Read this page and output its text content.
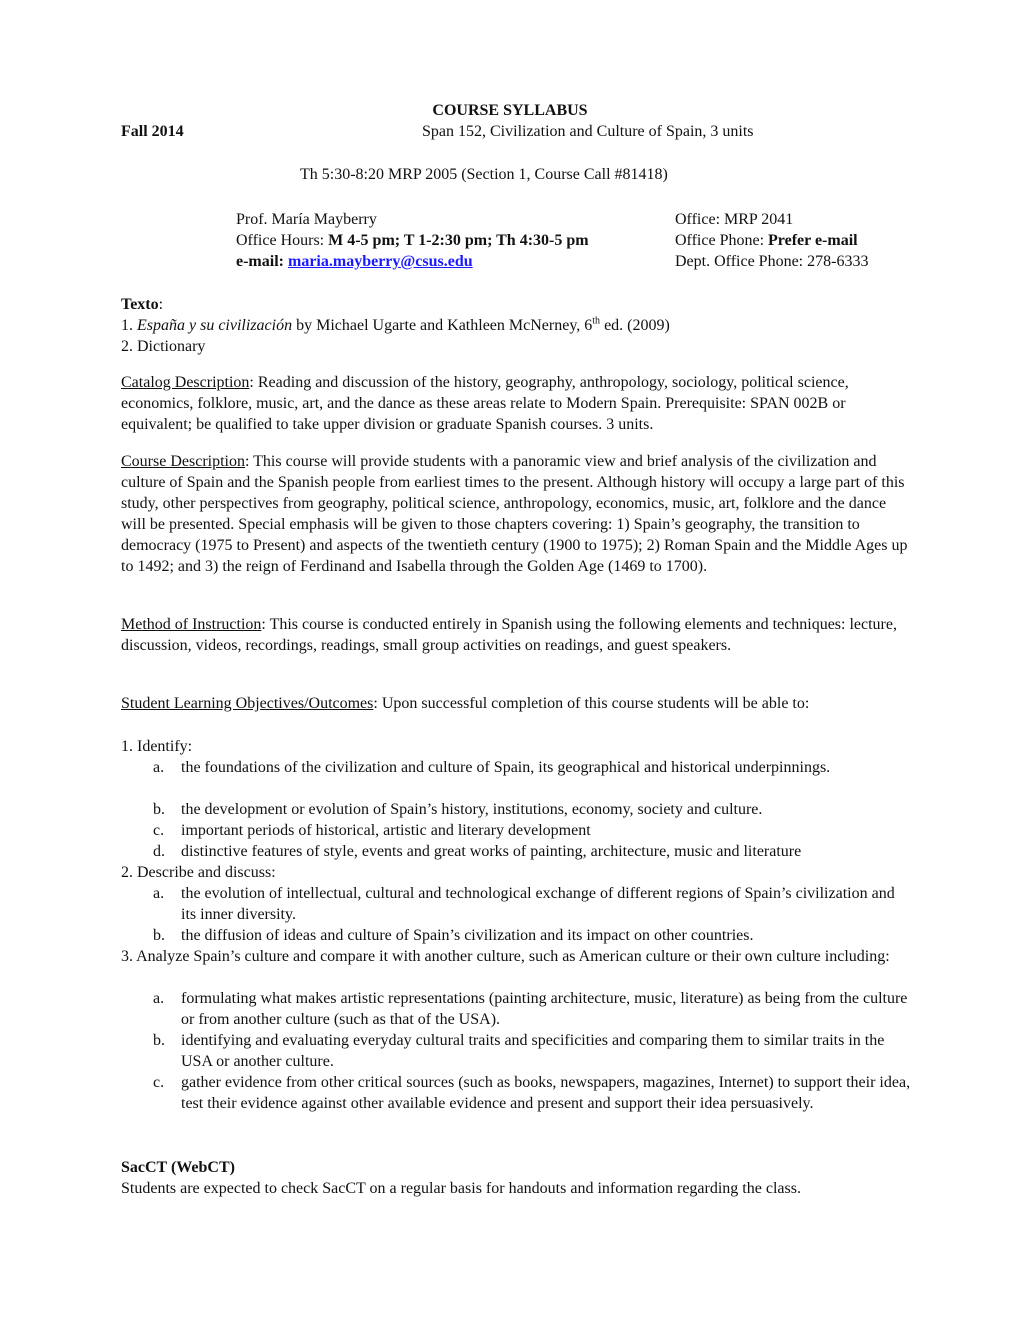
COURSE SYLLABUS
Fall 2014	Span 152, Civilization and Culture of Spain, 3 units
Th 5:30-8:20 MRP 2005 (Section 1, Course Call #81418)
Prof. María Mayberry
Office Hours: M 4-5 pm; T 1-2:30 pm; Th 4:30-5 pm
e-mail: maria.mayberry@csus.edu
Office: MRP 2041
Office Phone: Prefer e-mail
Dept. Office Phone: 278-6333
Texto:
1. España y su civilización by Michael Ugarte and Kathleen McNerney, 6th ed. (2009)
2. Dictionary

Catalog Description: Reading and discussion of the history, geography, anthropology, sociology, political science, economics, folklore, music, art, and the dance as these areas relate to Modern Spain. Prerequisite: SPAN 002B or equivalent; be qualified to take upper division or graduate Spanish courses. 3 units.

Course Description: This course will provide students with a panoramic view and brief analysis of the civilization and culture of Spain and the Spanish people from earliest times to the present. Although history will occupy a large part of this study, other perspectives from geography, political science, anthropology, economics, music, art, folklore and the dance will be presented. Special emphasis will be given to those chapters covering: 1) Spain’s geography, the transition to democracy (1975 to Present) and aspects of the twentieth century (1900 to 1975); 2) Roman Spain and the Middle Ages up to 1492; and 3) the reign of Ferdinand and Isabella through the Golden Age (1469 to 1700).

Method of Instruction: This course is conducted entirely in Spanish using the following elements and techniques: lecture, discussion, videos, recordings, readings, small group activities on readings, and guest speakers.

Student Learning Objectives/Outcomes: Upon successful completion of this course students will be able to:

1. Identify:
a. the foundations of the civilization and culture of Spain, its geographical and historical underpinnings.
b. the development or evolution of Spain’s history, institutions, economy, society and culture.
c. important periods of historical, artistic and literary development
d. distinctive features of style, events and great works of painting, architecture, music and literature
2. Describe and discuss:
a. the evolution of intellectual, cultural and technological exchange of different regions of Spain’s civilization and its inner diversity.
b. the diffusion of ideas and culture of Spain’s civilization and its impact on other countries.

3. Analyze Spain’s culture and compare it with another culture, such as American culture or their own culture including:

a. formulating what makes artistic representations (painting architecture, music, literature) as being from the culture or from another culture (such as that of the USA).
b. identifying and evaluating everyday cultural traits and specificities and comparing them to similar traits in the USA or another culture.
c. gather evidence from other critical sources (such as books, newspapers, magazines, Internet) to support their idea, test their evidence against other available evidence and present and support their idea persuasively.
SacCT (WebCT)
Students are expected to check SacCT on a regular basis for handouts and information regarding the class.
